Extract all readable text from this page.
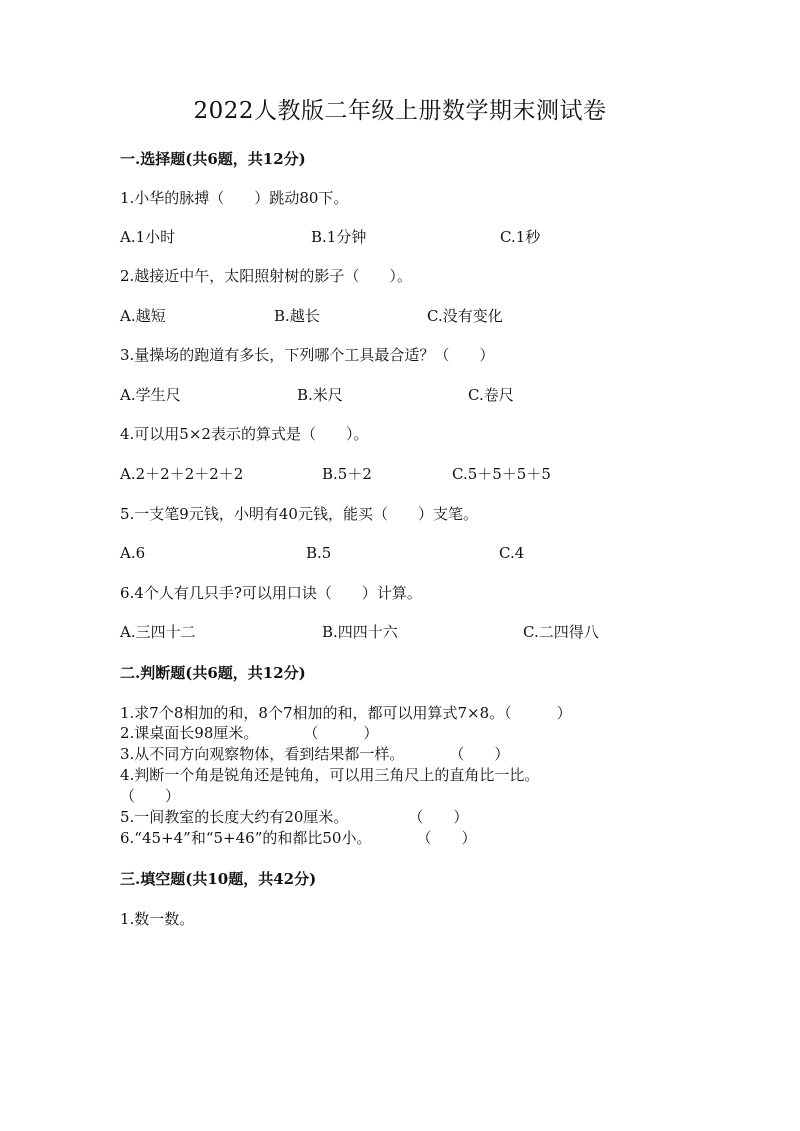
2022人教版二年级上册数学期末测试卷
一.选择题(共6题，共12分)
1.小华的脉搏（　　）跳动80下。
A.1小时	B.1分钟	C.1秒
2.越接近中午，太阳照射树的影子（　　）。
A.越短	B.越长	C.没有变化
3.量操场的跑道有多长，下列哪个工具最合适？（　　）
A.学生尺	B.米尺	C.卷尺
4.可以用5×2表示的算式是（　　）。
A.2＋2＋2＋2＋2	B.5＋2	C.5＋5＋5＋5
5.一支笔9元钱，小明有40元钱，能买（　　）支笔。
A.6	B.5	C.4
6.4个人有几只手?可以用口诀（　　）计算。
A.三四十二	B.四四十六	C.二四得八
二.判断题(共6题，共12分)
1.求7个8相加的和，8个7相加的和，都可以用算式7×8。（　　　）
2.课桌面长98厘米。　　　　（　　　）
3.从不同方向观察物体，看到结果都一样。　　　　（　　）
4.判断一个角是锐角还是钝角，可以用三角尺上的直角比一比。
（　　）
5.一间教室的长度大约有20厘米。　　　　　（　　）
6.“45+4”和“5+46”的和都比50小。　　　　（　　）
三.填空题(共10题，共42分)
1.数一数。
